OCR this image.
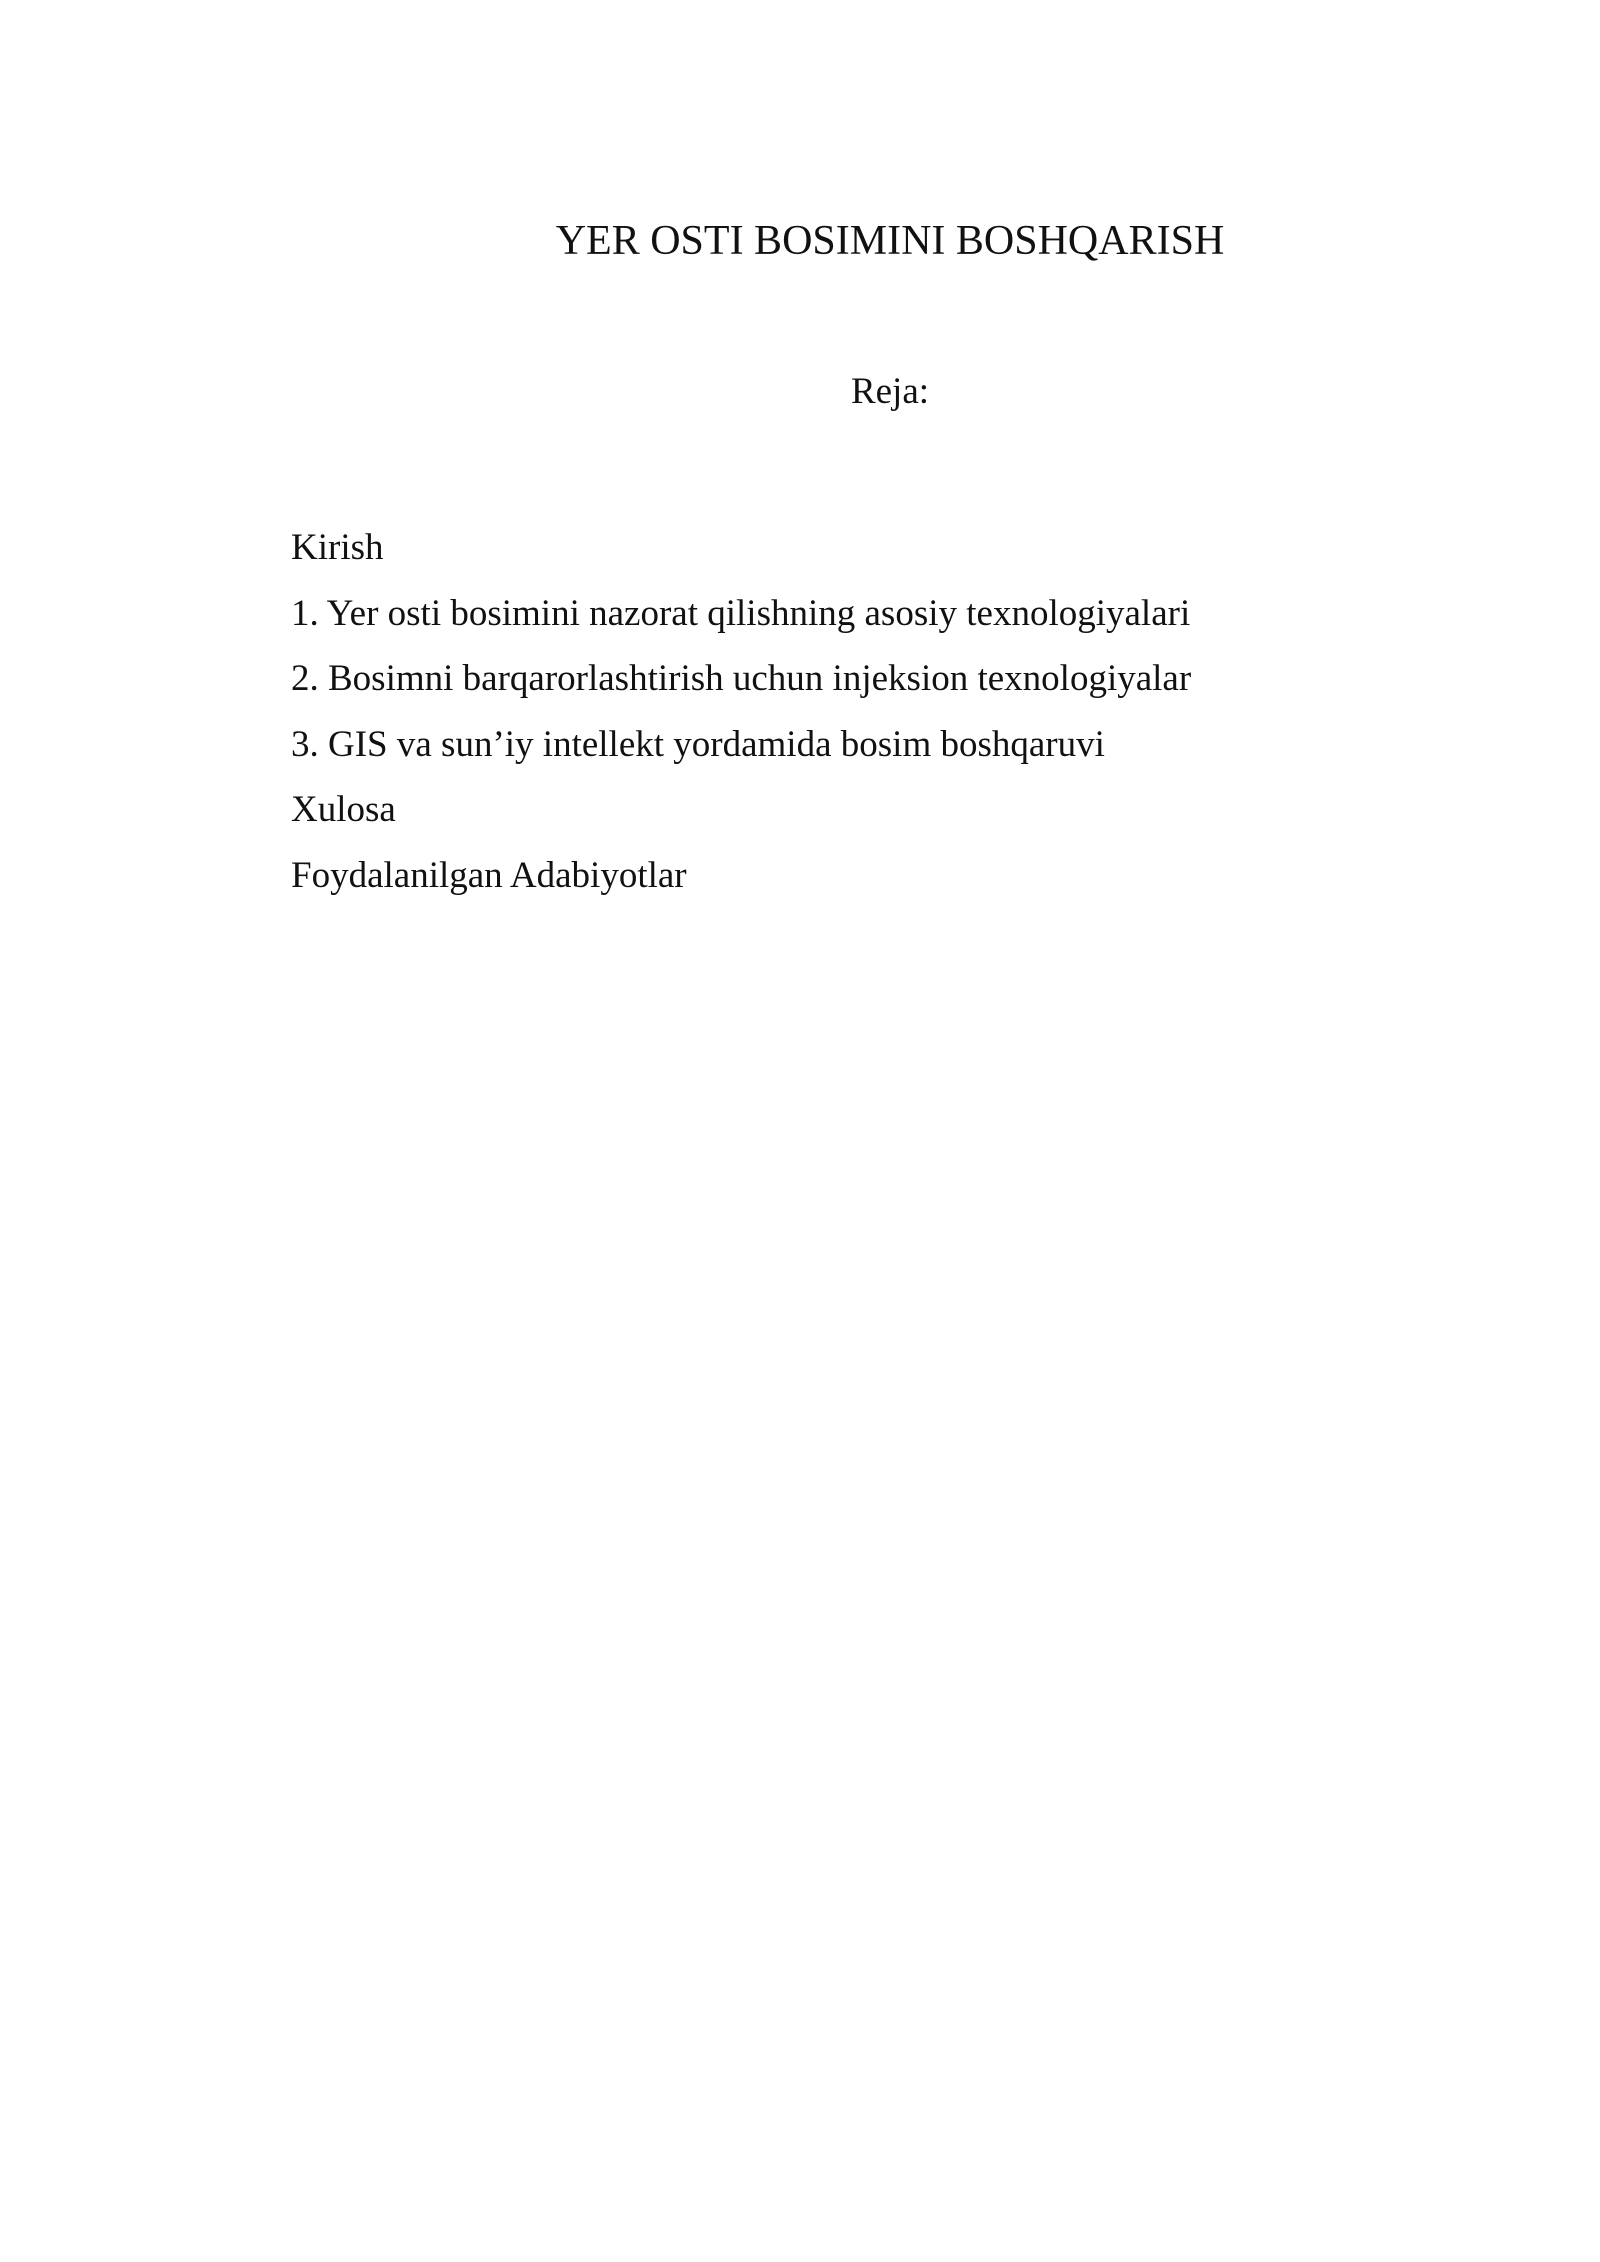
YER OSTI BOSIMINI BOSHQARISH
Reja:
Kirish
1. Yer osti bosimini nazorat qilishning asosiy texnologiyalari
2. Bosimni barqarorlashtirish uchun injeksion texnologiyalar
3. GIS va sun’iy intellekt yordamida bosim boshqaruvi
Xulosa
Foydalanilgan Adabiyotlar
